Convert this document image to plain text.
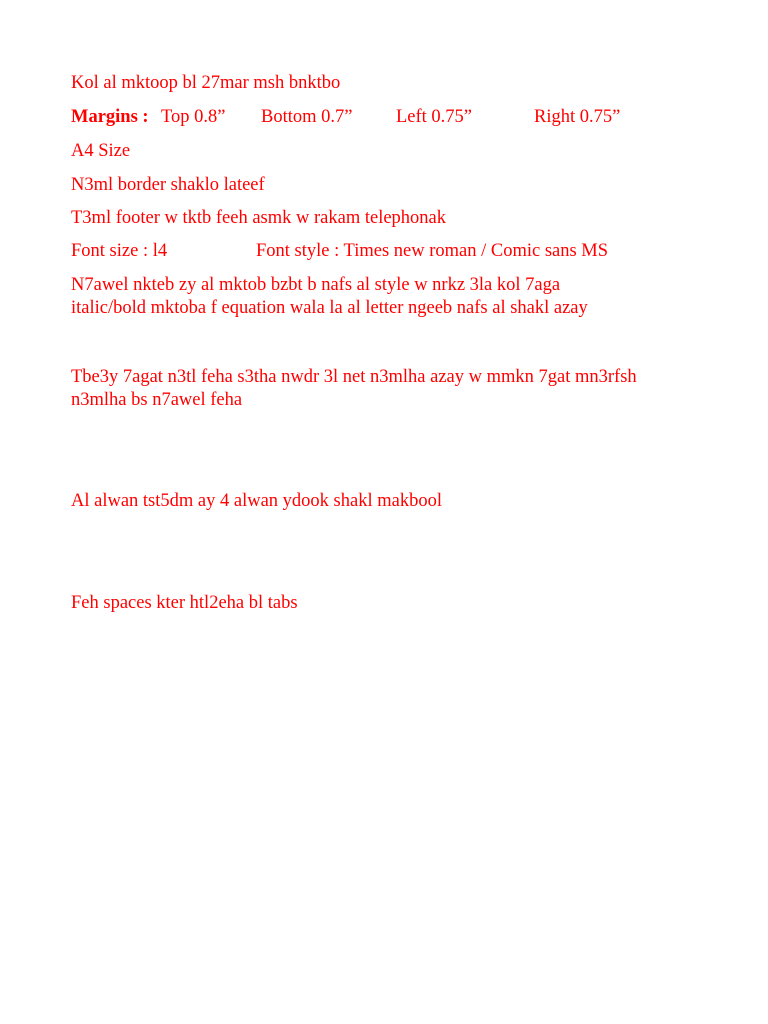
Kol al mktoop bl 27mar msh bnktbo

Margins : Top 0.8” Bottom 0.7” Left 0.75”	Right 0.75”

A4 Size

N3ml border shaklo lateef

T3ml footer w tktb feeh asmk w rakam telephonak

Font size : l4	Font style : Times new roman / Comic sans MS

N7awel nkteb zy al mktob bzbt b nafs al style w nrkz 3la kol 7aga

italic/bold mktoba f equation wala la al letter ngeeb nafs al shakl azay

Tbe3y 7agat n3tl feha s3tha nwdr 3l net n3mlha azay w mmkn 7gat mn3rfsh

n3mlha bs n7awel feha

Al alwan tst5dm ay 4 alwan ydook shakl makbool

Feh spaces kter htl2eha bl tabs
